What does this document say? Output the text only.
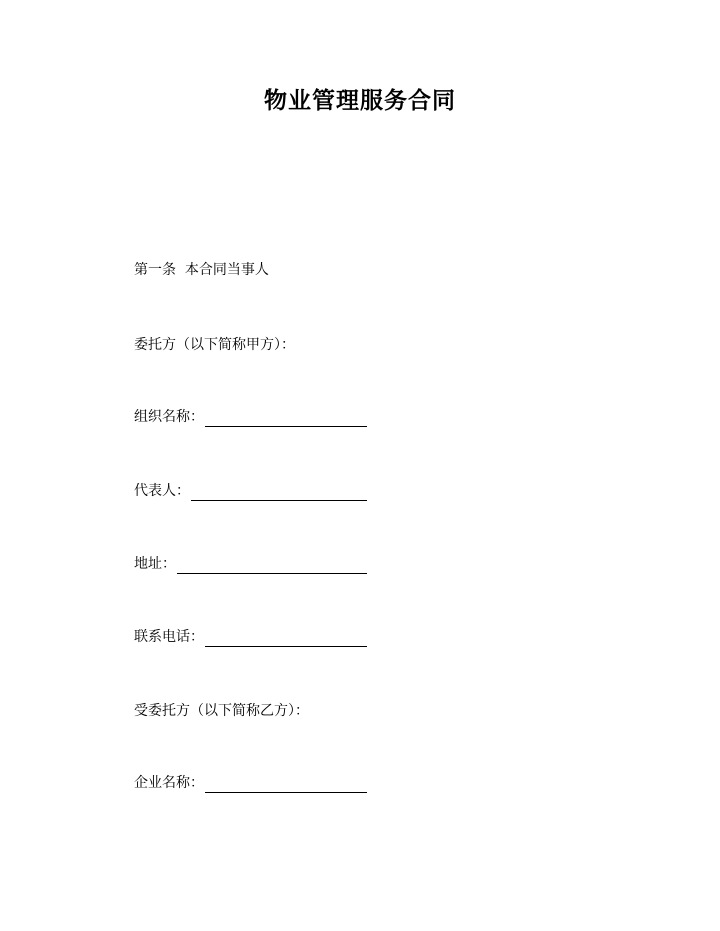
物业管理服务合同
第一条  本合同当事人
委托方（以下简称甲方）：
组织名称：
代表人：
地址：
联系电话：
受委托方（以下简称乙方）：
企业名称：
